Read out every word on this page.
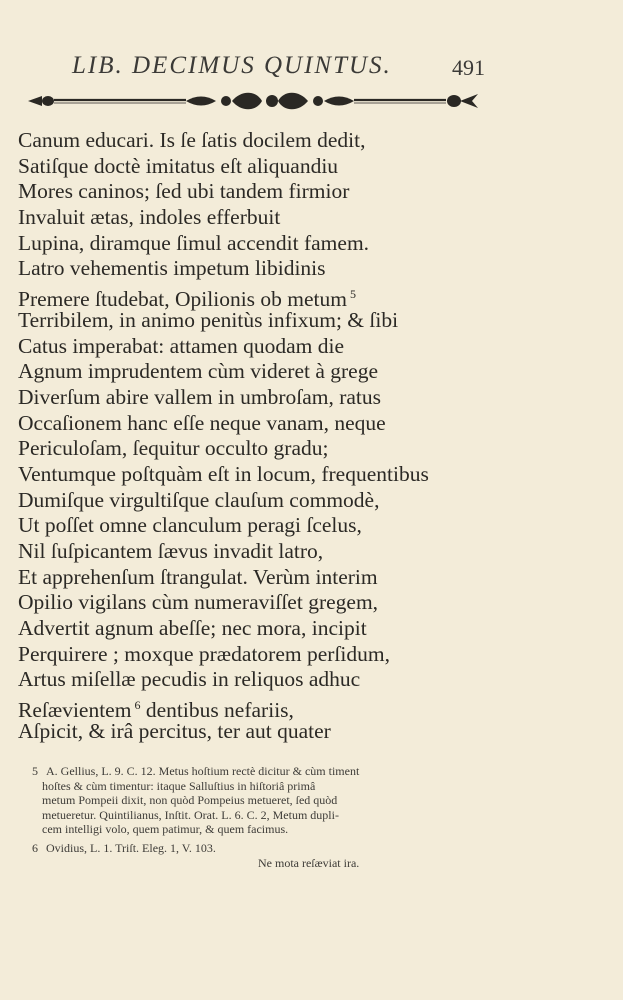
LIB. DECIMUS QUINTUS.	491
Canum educari. Is ſe ſatis docilem dedit,
Satiſque doctè imitatus eſt aliquandiu
Mores caninos; ſed ubi tandem firmior
Invaluit ætas, indoles efferbuit
Lupina, diramque ſimul accendit famem.
Latro vehementis impetum libidinis
Premere ſtudebat, Opilionis ob metum $^5$
Terribilem, in animo penitùs infixum; & ſibi
Catus imperabat: attamen quodam die
Agnum imprudentem cùm videret à grege
Diverſum abire vallem in umbroſam, ratus
Occaſionem hanc eſſe neque vanam, neque
Periculoſam, ſequitur occulto gradu;
Ventumque poſtquàm eſt in locum, frequentibus
Dumiſque virgultiſque clauſum commodè,
Ut poſſet omne clanculum peragi ſcelus,
Nil ſuſpicantem ſævus invadit latro,
Et apprehenſum ſtrangulat. Verùm interim
Opilio vigilans cùm numeraviſſet gregem,
Advertit agnum abeſſe; nec mora, incipit
Perquirere ; moxque prædatorem perſidum,
Artus miſellæ pecudis in reliquos adhuc
Reſævientem $^6$ dentibus nefariis,
Aſpicit, & irâ percitus, ter aut quater
5 A. Gellius, L. 9. C. 12. Metus hoſtium rectè dicitur & cùm timent
hoſtes & cùm timentur: itaque Salluſtius in hiſtoriâ primâ
metum Pompeii dixit, non quòd Pompeius metueret, ſed quòd
metueretur. Quintilianus, Inſtit. Orat. L. 6. C. 2, Metum dupli-
cem intelligi volo, quem patimur, & quem facimus.
6 Ovidius, L. 1. Triſt. Eleg. 1, V. 103.
Ne mota reſæviat ira.
